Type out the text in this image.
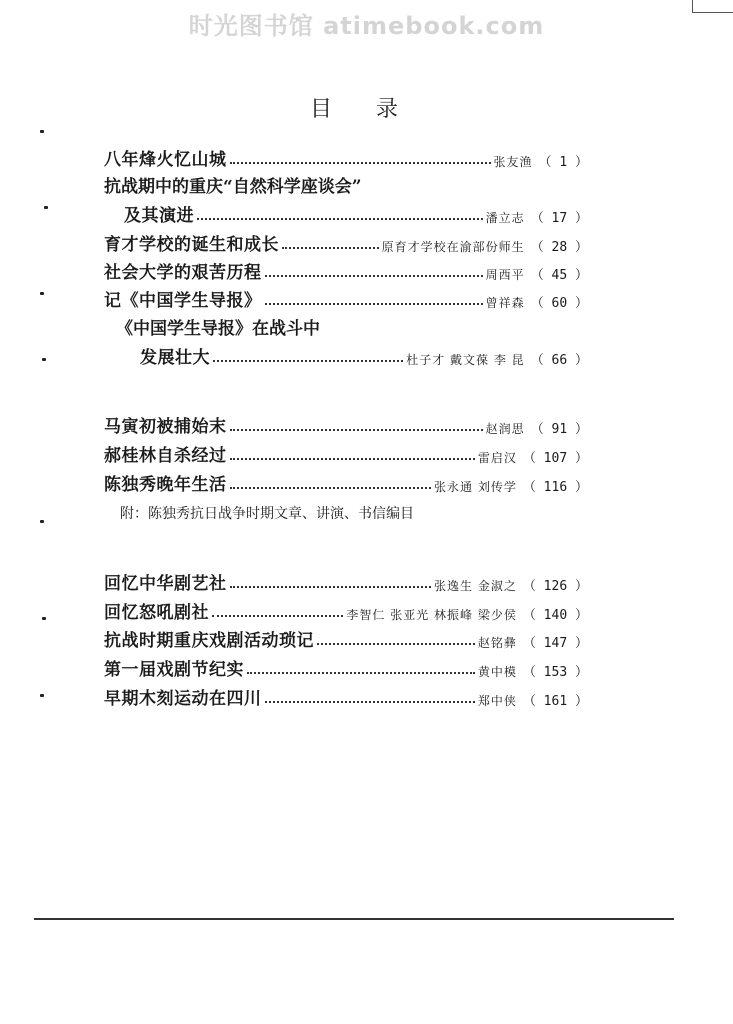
时光图书馆 atimebook.com
目 录
八年烽火忆山城	张友渔 （ 1 ）
抗战期中的重庆“自然科学座谈会”
及其演进	潘立志 （ 17 ）
育才学校的诞生和成长	原育才学校在渝部份师生 （ 28 ）
社会大学的艰苦历程	周西平 （ 45 ）
记《中国学生导报》	曾祥森 （ 60 ）
《中国学生导报》在战斗中
发展壮大	杜子才 戴文葆 李 昆 （ 66 ）
马寅初被捕始末	赵润思 （ 91 ）
郝桂林自杀经过	雷启汉 （ 107 ）
陈独秀晚年生活	张永通 刘传学 （ 116 ）
附：陈独秀抗日战争时期文章、讲演、书信编目
回忆中华剧艺社	张逸生 金淑之 （ 126 ）
回忆怒吼剧社	李智仁 张亚光 林振峰 梁少侯 （ 140 ）
抗战时期重庆戏剧活动琐记	赵铭彝 （ 147 ）
第一届戏剧节纪实	黄中模 （ 153 ）
早期木刻运动在四川	郑中侠 （ 161 ）
